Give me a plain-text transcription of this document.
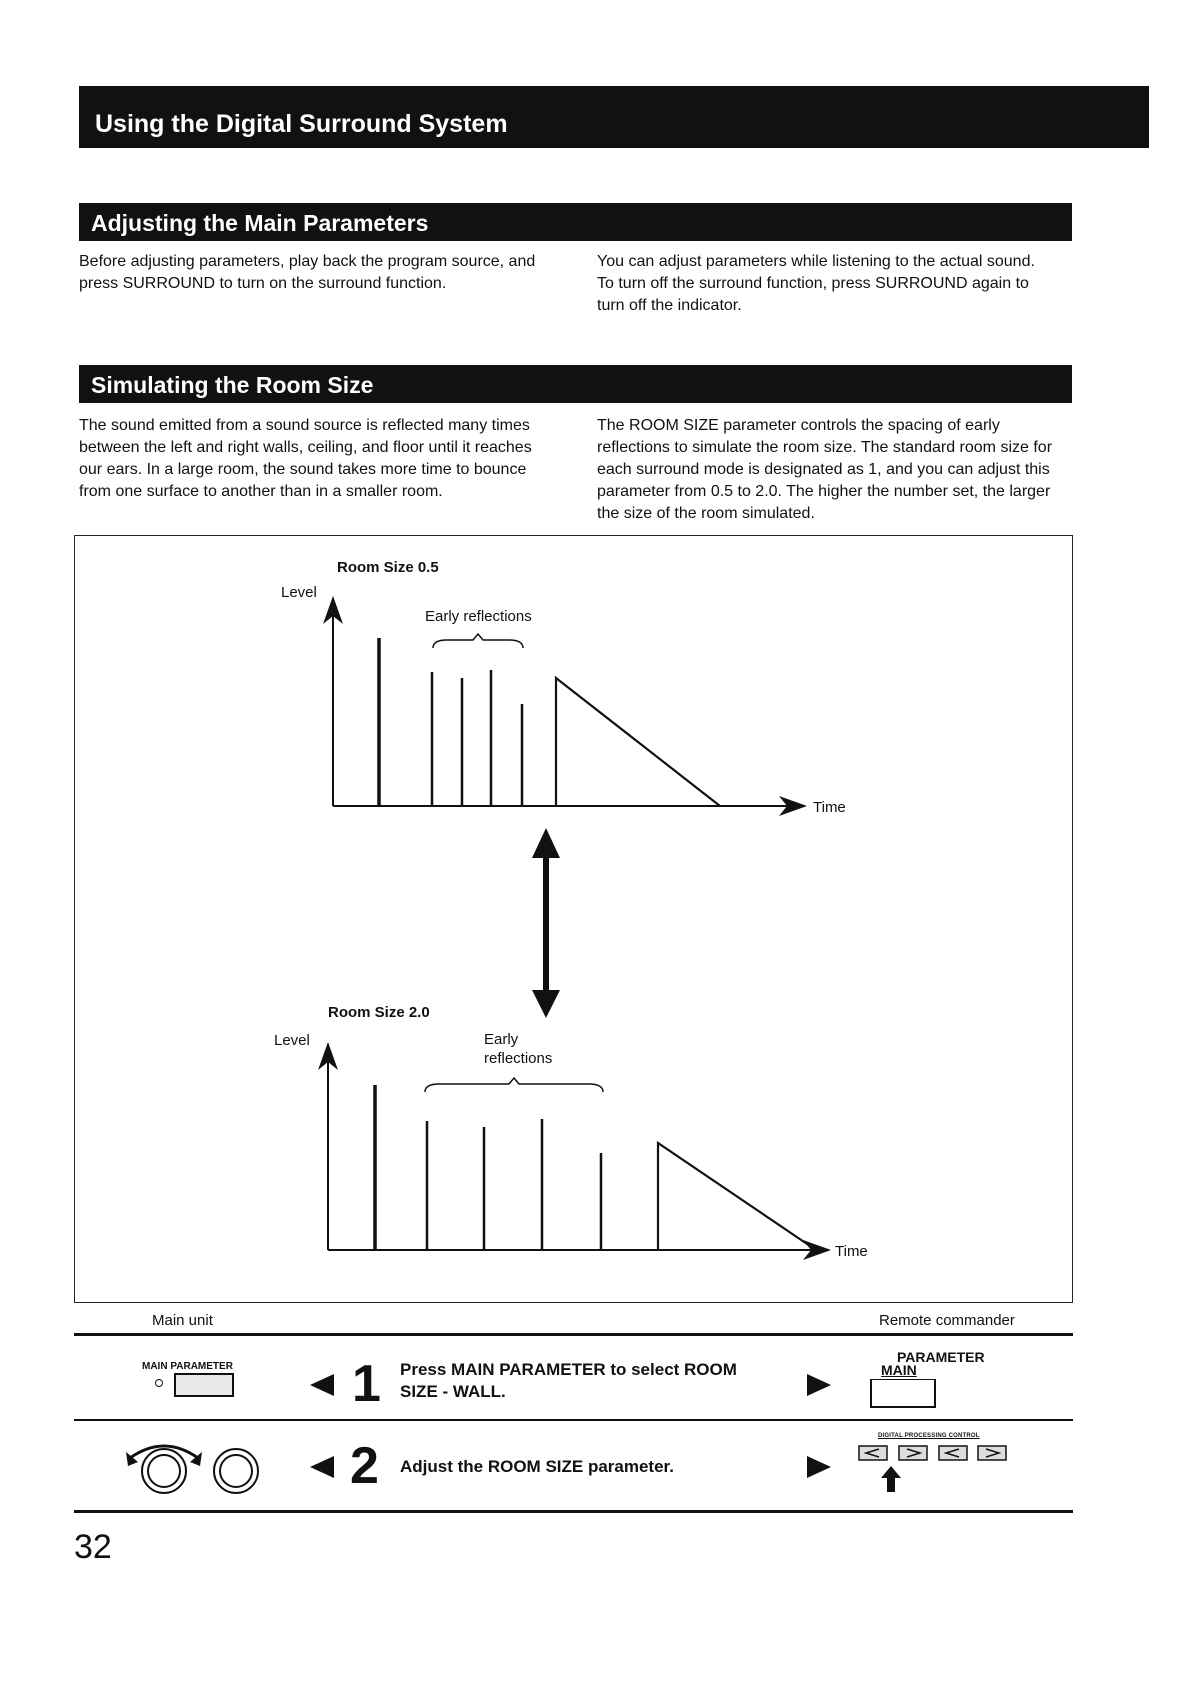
Using the Digital Surround System
Adjusting the Main Parameters
Before adjusting parameters, play back the program source, and press SURROUND to turn on the surround function.
You can adjust parameters while listening to the actual sound. To turn off the surround function, press SURROUND again to turn off the indicator.
Simulating the Room Size
The sound emitted from a sound source is reflected many times between the left and right walls, ceiling, and floor until it reaches our ears. In a large room, the sound takes more time to bounce from one surface to another than in a smaller room.
The ROOM SIZE parameter controls the spacing of early reflections to simulate the room size. The standard room size for each surround mode is designated as 1, and you can adjust this parameter from 0.5 to 2.0. The higher the number set, the larger the size of the room simulated.
Room Size 0.5
Level
Time
Early reflections
Room Size 2.0
Level
Time
Early
reflections
Main unit	Remote commander
MAIN PARAMETER 1 Press MAIN PARAMETER to select ROOM
SIZE - WALL.
PARAMETER
MAIN
2 Adjust the ROOM SIZE parameter.
DIGITAL PROCESSING CONTROL
32
